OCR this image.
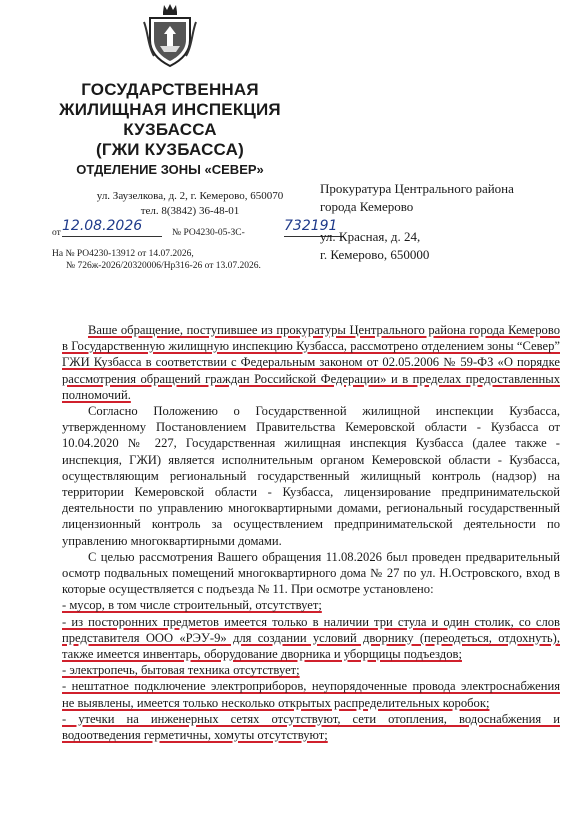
ГОСУДАРСТВЕННАЯ
ЖИЛИЩНАЯ ИНСПЕКЦИЯ
КУЗБАССА
(ГЖИ КУЗБАССА)
ОТДЕЛЕНИЕ ЗОНЫ «СЕВЕР»
ул. Заузелкова, д. 2, г. Кемерово, 650070
тел. 8(3842) 36-48-01
от 12.08.2026	№ РО4230-05-ЗС-	732191
На № РО4230-13912 от 14.07.2026,
№ 726ж-2026/20320006/Нр316-26 от 13.07.2026.
Прокуратура Центрального района
города Кемерово
ул. Красная, д. 24,
г. Кемерово, 650000

Ваше обращение, поступившее из прокуратуры Центрального района города Кемерово в Государственную жилищную инспекцию Кузбасса, рассмотрено отделением зоны “Север” ГЖИ Кузбасса в соответствии с Федеральным законом от 02.05.2006 № 59-ФЗ «О порядке рассмотрения обращений граждан Российской Федерации» и в пределах предоставленных полномочий.

Согласно Положению о Государственной жилищной инспекции Кузбасса, утвержденному Постановлением Правительства Кемеровской области - Кузбасса от 10.04.2020 № 227, Государственная жилищная инспекция Кузбасса (далее также - инспекция, ГЖИ) является исполнительным органом Кемеровской области - Кузбасса, осуществляющим региональный государственный жилищный контроль (надзор) на территории Кемеровской области - Кузбасса, лицензирование предпринимательской деятельности по управлению многоквартирными домами, региональный государственный лицензионный контроль за осуществлением предпринимательской деятельности по управлению многоквартирными домами.

С целью рассмотрения Вашего обращения 11.08.2026 был проведен предварительный осмотр подвальных помещений многоквартирного дома № 27 по ул. Н.Островского, вход в которые осуществляется с подъезда № 11. При осмотре установлено:

- мусор, в том числе строительный, отсутствует;

- из посторонних предметов имеется только в наличии три стула и один столик, со слов представителя ООО «РЭУ-9» для создании условий дворнику (переодеться, отдохнуть), также имеется инвентарь, оборудование дворника и уборщицы подъездов;

- электропечь, бытовая техника отсутствует;

- нештатное подключение электроприборов, неупорядоченные провода электроснабжения не выявлены, имеется только несколько открытых распределительных коробок;

- утечки на инженерных сетях отсутствуют, сети отопления, водоснабжения и водоотведения герметичны, хомуты отсутствуют;
